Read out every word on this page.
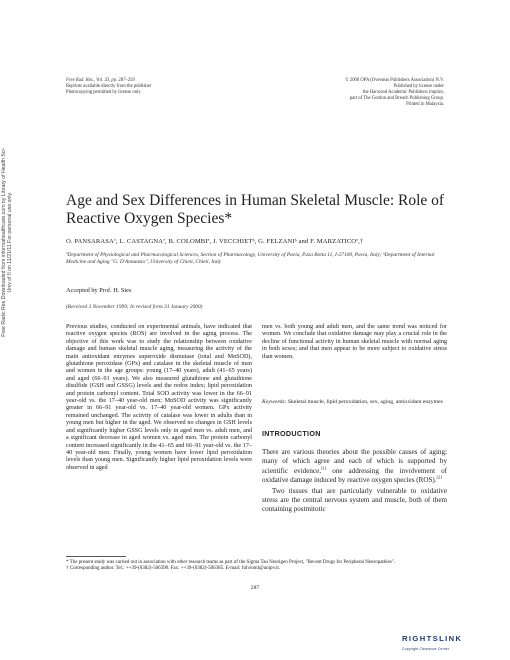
Free Radic Res Downloaded from informahealthcare.com by Library of Health Sci-Univ of Il on 11/21/11 For personal use only.
Free Rad. Res., Vol. 33, pp. 287–293
Reprints available directly from the publisher
Photocopying permitted by license only
© 2000 OPA (Overseas Publishers Association) N.V.
Published by license under
the Harwood Academic Publishers imprint,
part of The Gordon and Breach Publishing Group.
Printed in Malaysia.
Age and Sex Differences in Human Skeletal Muscle: Role of Reactive Oxygen Species*
O. PANSARASAª, L. CASTAGNAª, B. COLOMBIª, J. VECCHIETᵇ, G. FELZANIᵇ and F. MARZATICOª,†
ªDepartment of Physiological and Pharmacological Sciences, Section of Pharmacology, University of Pavia, P.zza Botta 11, I-27100, Pavia, Italy; ᵇDepartment of Internal Medicine and Aging "G. D'Annunzio", University of Chieti, Chieti, Italy
Accepted by Prof. H. Sies
(Received 3 November 1999; In revised form 31 January 2000)
Previous studies, conducted on experimental animals, have indicated that reactive oxygen species (ROS) are involved in the aging process. The objective of this work was to study the relationship between oxidative damage and human skeletal muscle aging, measuring the activity of the main antioxidant enzymes superoxide dismutase (total and MnSOD), glutathione peroxidase (GPx) and catalase in the skeletal muscle of men and women in the age groups: young (17–40 years), adult (41–65 years) and aged (66–91 years). We also measured glutathione and glutathione disulfide (GSH and GSSG) levels and the redox index; lipid peroxidation and protein carbonyl content. Total SOD activity was lower in the 66–91 year-old vs. the 17–40 year-old men; MnSOD activity was significantly greater in 66–91 year-old vs. 17–40 year-old women. GPx activity remained unchanged. The activity of catalase was lower in adults than in young men but higher in the aged. We observed no changes in GSH levels and significantly higher GSSG levels only in aged men vs. adult men, and a significant decrease in aged women vs. aged men. The protein carbonyl content increased significantly in the 41–65 and 66–91 year-old vs. the 17–40 year-old men. Finally, young women have lower lipid peroxidation levels than young men. Significantly higher lipid peroxidation levels were observed in aged
men vs. both young and adult men, and the same trend was noticed for women. We conclude that oxidative damage may play a crucial role in the decline of functional activity in human skeletal muscle with normal aging in both sexes; and that men appear to be more subject to oxidative stress than women.
Keywords: Skeletal muscle, lipid peroxidation, sex, aging, antioxidant enzymes
INTRODUCTION

There are various theories about the possible causes of aging; many of which agree and each of which is supported by scientific evidence,[1] one addressing the involvement of oxidative damage induced by reactive oxygen species (ROS).[2]

Two tissues that are particularly vulnerable to oxidative stress are the central nervous system and muscle, both of them containing postmitotic

* The present study was carried out in association with other research teams as part of the Sigma Tau Neurigen Project, "Recent Drugs for Peripheral Neuropathies".

† Corresponding author. Tel.: ++39-(0382)-506390. Fax: ++39-(0382)-506385. E-mail: fulvioml@unipv.it.

287
RIGHTSLINK
Copyright Clearance Center
